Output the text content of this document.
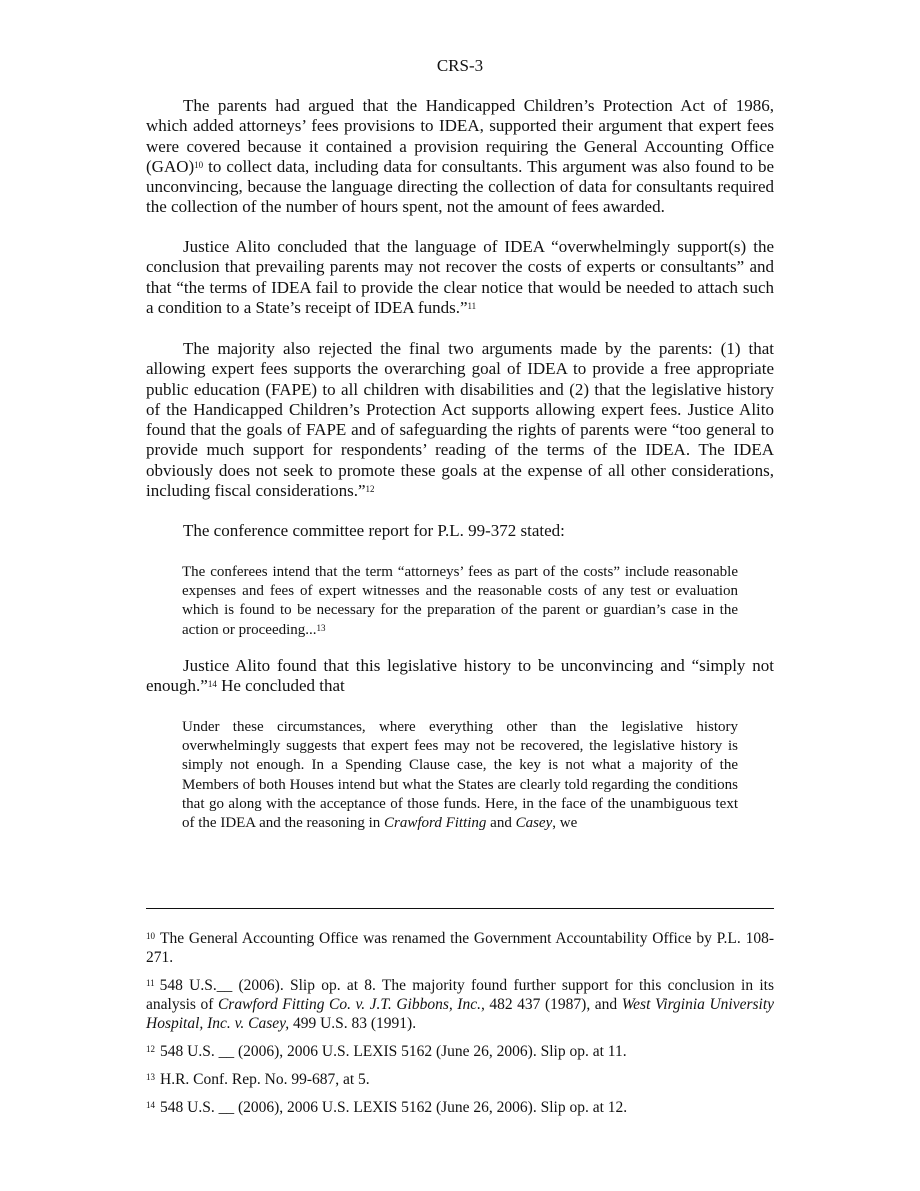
CRS-3

The parents had argued that the Handicapped Children’s Protection Act of 1986, which added attorneys’ fees provisions to IDEA, supported their argument that expert fees were covered because it contained a provision requiring the General Accounting Office (GAO)$^{10}$ to collect data, including data for consultants. This argument was also found to be unconvincing, because the language directing the collection of data for consultants required the collection of the number of hours spent, not the amount of fees awarded.

Justice Alito concluded that the language of IDEA “overwhelmingly support(s) the conclusion that prevailing parents may not recover the costs of experts or consultants” and that “the terms of IDEA fail to provide the clear notice that would be needed to attach such a condition to a State’s receipt of IDEA funds.”$^{11}$

The majority also rejected the final two arguments made by the parents: (1) that allowing expert fees supports the overarching goal of IDEA to provide a free appropriate public education (FAPE) to all children with disabilities and (2) that the legislative history of the Handicapped Children’s Protection Act supports allowing expert fees. Justice Alito found that the goals of FAPE and of safeguarding the rights of parents were “too general to provide much support for respondents’ reading of the terms of the IDEA. The IDEA obviously does not seek to promote these goals at the expense of all other considerations, including fiscal considerations.”$^{12}$

The conference committee report for P.L. 99-372 stated:

The conferees intend that the term “attorneys’ fees as part of the costs” include reasonable expenses and fees of expert witnesses and the reasonable costs of any test or evaluation which is found to be necessary for the preparation of the parent or guardian’s case in the action or proceeding...$^{13}$

Justice Alito found that this legislative history to be unconvincing and “simply not enough.”$^{14}$ He concluded that

Under these circumstances, where everything other than the legislative history overwhelmingly suggests that expert fees may not be recovered, the legislative history is simply not enough. In a Spending Clause case, the key is not what a majority of the Members of both Houses intend but what the States are clearly told regarding the conditions that go along with the acceptance of those funds. Here, in the face of the unambiguous text of the IDEA and the reasoning in Crawford Fitting and Casey, we

$^{10}$ The General Accounting Office was renamed the Government Accountability Office by P.L. 108-271.

$^{11}$ 548 U.S.__ (2006). Slip op. at 8. The majority found further support for this conclusion in its analysis of Crawford Fitting Co. v. J.T. Gibbons, Inc., 482 437 (1987), and West Virginia University Hospital, Inc. v. Casey, 499 U.S. 83 (1991).

$^{12}$ 548 U.S. __ (2006), 2006 U.S. LEXIS 5162 (June 26, 2006). Slip op. at 11.

$^{13}$ H.R. Conf. Rep. No. 99-687, at 5.

$^{14}$ 548 U.S. __ (2006), 2006 U.S. LEXIS 5162 (June 26, 2006). Slip op. at 12.
